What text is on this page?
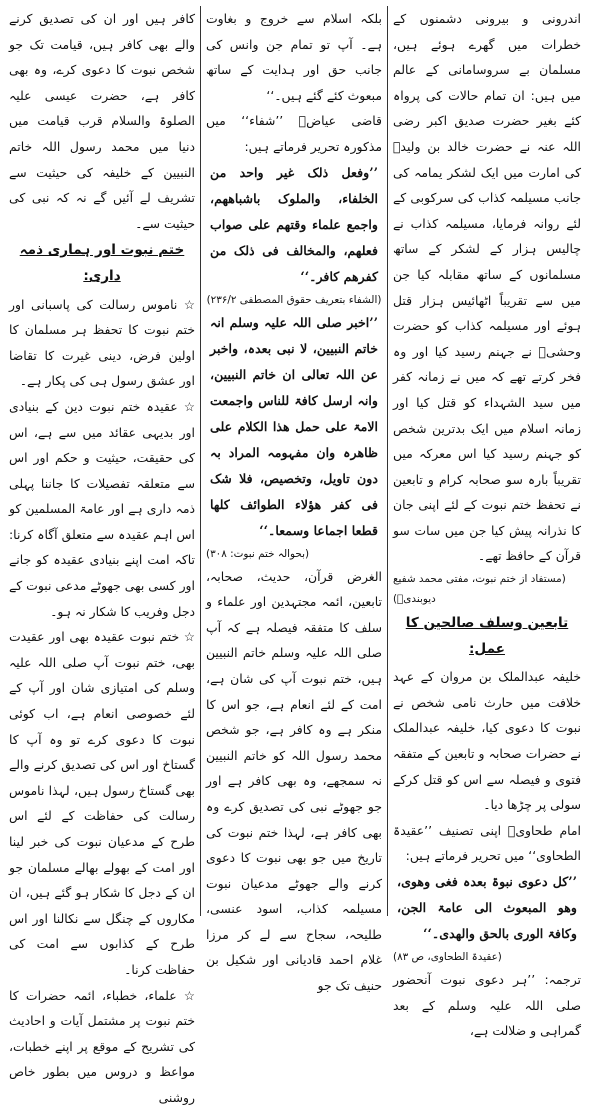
اندرونی و بیرونی دشمنوں کے خطرات میں گھرے ہوئے ہیں، مسلمان بے سروسامانی کے عالم میں ہیں: ان تمام حالات کی پرواہ کئے بغیر حضرت صدیق اکبر رضی اللہ عنہ نے حضرت خالد بن ولیدؓ کی امارت میں ایک لشکر یمامہ کی جانب مسیلمہ کذاب کی سرکوبی کے لئے روانہ فرمایا، مسیلمہ کذاب نے چالیس ہزار کے لشکر کے ساتھ مسلمانوں کے ساتھ مقابلہ کیا جن میں سے تقریباً اٹھائیس ہزار قتل ہوئے اور مسیلمہ کذاب کو حضرت وحشیؓ نے جہنم رسید کیا اور وہ فخر کرتے تھے کہ میں نے زمانہ کفر میں سید الشہداء کو قتل کیا اور زمانہ اسلام میں ایک بدترین شخص کو جہنم رسید کیا اس معرکہ میں تقریباً بارہ سو صحابہ کرام و تابعین نے تحفظ ختم نبوت کے لئے اپنی جان کا نذرانہ پیش کیا جن میں سات سو قرآن کے حافظ تھے۔

(مستفاد از ختم نبوت، مفتی محمد شفیع دیوبندیؒ)

تابعین وسلف صالحین کا عمل:

خلیفہ عبدالملک بن مروان کے عہد خلافت میں حارث نامی شخص نے نبوت کا دعوی کیا، خلیفہ عبدالملک نے حضرات صحابہ و تابعین کے متفقہ فتوی و فیصلہ سے اس کو قتل کرکے سولی پر چڑھا دیا۔

امام طحاویؒ اپنی تصنیف ’’عقیدۃ الطحاوی‘‘ میں تحریر فرماتے ہیں:

’’کل دعوی نبوۃ بعدہ فغی وھوی، وھو المبعوث الی عامۃ الجن، وکافۃ الوری بالحق والھدی۔‘‘

(عقیدۃ الطحاوی، ص ۸۳)

ترجمہ: ’’ہر دعوی نبوت آنحضور صلی اللہ علیہ وسلم کے بعد گمراہی و ضلالت ہے،

بلکہ اسلام سے خروج و بغاوت ہے۔ آپ تو تمام جن وانس کی جانب حق اور ہدایت کے ساتھ مبعوث کئے گئے ہیں۔‘‘

قاضی عیاضؒ ’’شفاء‘‘ میں مذکورہ تحریر فرماتے ہیں:

’’وفعل ذلک غیر واحد من الخلفاء، والملوک باشباھھم، واجمع علماء وقتھم علی صواب فعلھم، والمخالف فی ذلک من کفرھم کافر۔‘‘

(الشفاء بتعریف حقوق المصطفی ۲۳۶/۲)

’’اخبر صلی اللہ علیہ وسلم انہ خاتم النبیین، لا نبی بعدہ، واخبر عن اللہ تعالی ان خاتم النبیین، وانہ ارسل کافۃ للناس واجمعت الامۃ علی حمل ھذا الکلام علی ظاھرہ وان مفہومہ المراد بہ دون تاویل، وتخصیص، فلا شک فی کفر ھؤلاء الطوائف کلھا قطعا اجماعا وسمعا۔‘‘

(بحوالہ ختم نبوت: ۳۰۸)

الغرض قرآن، حدیث، صحابہ، تابعین، ائمہ مجتہدین اور علماء و سلف کا متفقہ فیصلہ ہے کہ آپ صلی اللہ علیہ وسلم خاتم النبیین ہیں، ختم نبوت آپ کی شان ہے، امت کے لئے انعام ہے، جو اس کا منکر ہے وہ کافر ہے، جو شخص محمد رسول اللہ کو خاتم النبیین نہ سمجھے، وہ بھی کافر ہے اور جو جھوٹے نبی کی تصدیق کرے وہ بھی کافر ہے، لہذا ختم نبوت کی تاریخ میں جو بھی نبوت کا دعوی کرنے والے جھوٹے مدعیان نبوت مسیلمہ کذاب، اسود عنسی، طلیحہ، سجاح سے لے کر مرزا غلام احمد قادیانی اور شکیل بن حنیف تک جو

کافر ہیں اور ان کی تصدیق کرنے والے بھی کافر ہیں، قیامت تک جو شخص نبوت کا دعوی کرے، وہ بھی کافر ہے، حضرت عیسی علیہ الصلوۃ والسلام قرب قیامت میں دنیا میں محمد رسول اللہ خاتم النبیین کے خلیفہ کی حیثیت سے تشریف لے آئیں گے نہ کہ نبی کی حیثیت سے۔

ختم نبوت اور ہماری ذمہ داری:

☆ ناموس رسالت کی پاسبانی اور ختم نبوت کا تحفظ ہر مسلمان کا اولین فرض، دینی غیرت کا تقاضا اور عشق رسول ہی کی پکار ہے۔

☆ عقیدہ ختم نبوت دین کے بنیادی اور بدیہی عقائد میں سے ہے، اس کی حقیقت، حیثیت و حکم اور اس سے متعلقہ تفصیلات کا جاننا پہلی ذمہ داری ہے اور عامۃ المسلمین کو اس اہم عقیدہ سے متعلق آگاہ کرنا: تاکہ امت اپنے بنیادی عقیدہ کو جانے اور کسی بھی جھوٹے مدعی نبوت کے دجل وفریب کا شکار نہ ہو۔

☆ ختم نبوت عقیدہ بھی اور عقیدت بھی، ختم نبوت آپ صلی اللہ علیہ وسلم کی امتیازی شان اور آپ کے لئے خصوصی انعام ہے، اب کوئی نبوت کا دعوی کرے تو وہ آپ کا گستاخ اور اس کی تصدیق کرنے والے بھی گستاخ رسول ہیں، لہذا ناموس رسالت کی حفاظت کے لئے اس طرح کے مدعیان نبوت کی خبر لینا اور امت کے بھولے بھالے مسلمان جو ان کے دجل کا شکار ہو گئے ہیں، ان مکاروں کے چنگل سے نکالنا اور اس طرح کے کذابوں سے امت کی حفاظت کرنا۔

☆ علماء، خطباء، ائمہ حضرات کا ختم نبوت پر مشتمل آیات و احادیث کی تشریح کے موقع پر اپنے خطبات، مواعظ و دروس میں بطور خاص روشنی
